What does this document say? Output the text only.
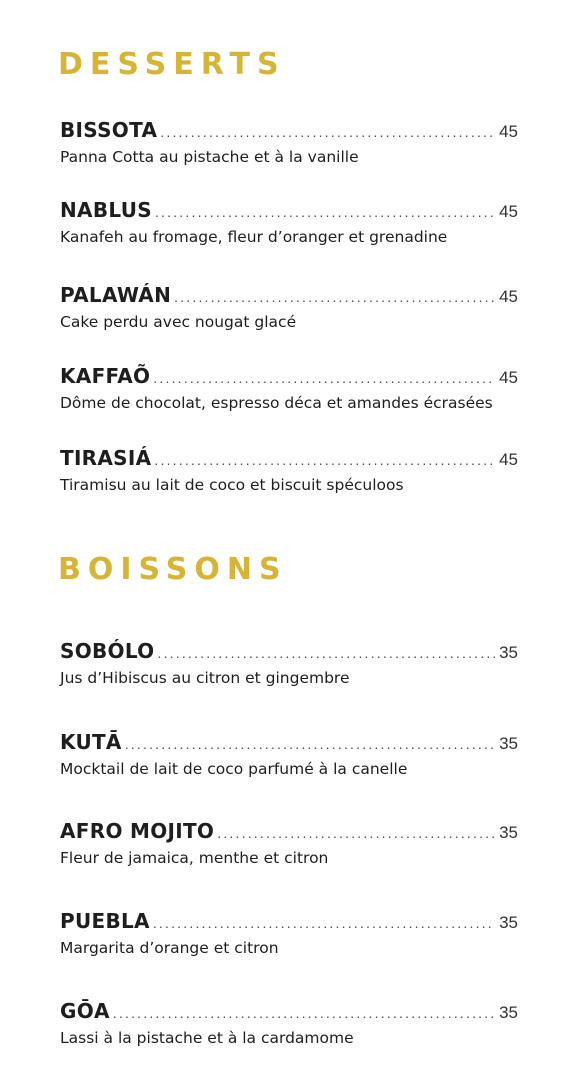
DESSERTS
BISSOTA .....	45
Panna Cotta au pistache et à la vanille
NABLUS .....	45
Kanafeh au fromage, fleur d’oranger et grenadine
PALAWÁN .....	45
Cake perdu avec nougat glacé
KAFFAÕ .....	45
Dôme de chocolat, espresso déca et amandes écrasées
TIRASIÁ .....	45
Tiramisu au lait de coco et biscuit spéculoos
BOISSONS
SOBÓLO .....	35
Jus d’Hibiscus au citron et gingembre
KUTĀ .....	35
Mocktail de lait de coco parfumé à la canelle
AFRO MOJITO .....	35
Fleur de jamaica, menthe et citron
PUEBLA .....	35
Margarita d’orange et citron
GŌA .....	35
Lassi à la pistache et à la cardamome
